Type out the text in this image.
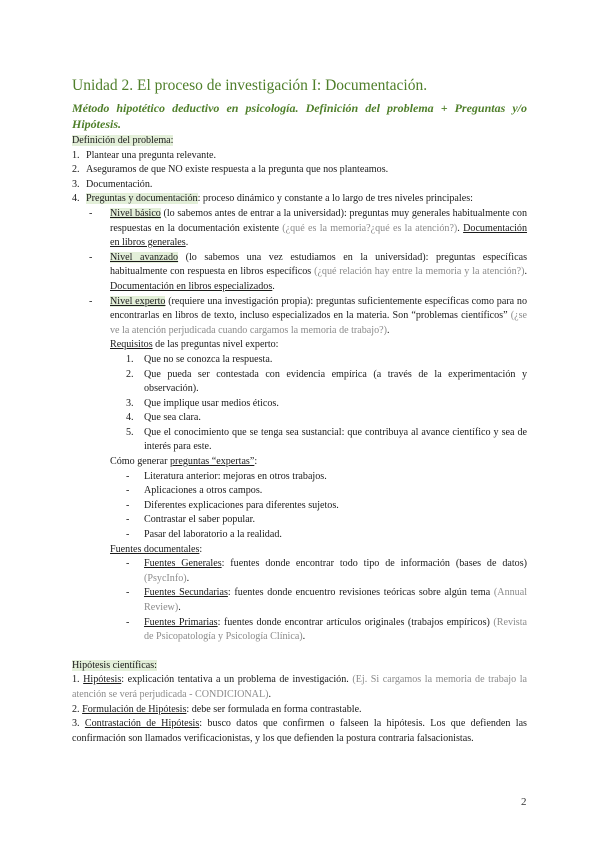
Unidad 2. El proceso de investigación I: Documentación.
Método hipotético deductivo en psicología. Definición del problema + Preguntas y/o Hipótesis.

Definición del problema:

1. Plantear una pregunta relevante.

2. Aseguramos de que NO existe respuesta a la pregunta que nos planteamos.

3. Documentación.

4. Preguntas y documentación: proceso dinámico y constante a lo largo de tres niveles principales:

- Nivel básico (lo sabemos antes de entrar a la universidad): preguntas muy generales habitualmente con respuestas en la documentación existente (¿qué es la memoria?¿qué es la atención?). Documentación en libros generales.

- Nivel avanzado (lo sabemos una vez estudiamos en la universidad): preguntas específicas habitualmente con respuesta en libros específicos (¿qué relación hay entre la memoria y la atención?). Documentación en libros especializados.

- Nivel experto (requiere una investigación propia): preguntas suficientemente específicas como para no encontrarlas en libros de texto, incluso especializados en la materia. Son “problemas científicos” (¿se ve la atención perjudicada cuando cargamos la memoria de trabajo?).

Requisitos de las preguntas nivel experto:

1. Que no se conozca la respuesta.

2. Que pueda ser contestada con evidencia empírica (a través de la experimentación y observación).

3. Que implique usar medios éticos.

4. Que sea clara.

5. Que el conocimiento que se tenga sea sustancial: que contribuya al avance científico y sea de interés para este.

Cómo generar preguntas “expertas”:

- Literatura anterior: mejoras en otros trabajos.

- Aplicaciones a otros campos.

- Diferentes explicaciones para diferentes sujetos.

- Contrastar el saber popular.

- Pasar del laboratorio a la realidad.

Fuentes documentales:

- Fuentes Generales: fuentes donde encontrar todo tipo de información (bases de datos) (PsycInfo).

- Fuentes Secundarias: fuentes donde encuentro revisiones teóricas sobre algún tema (Annual Review).

- Fuentes Primarias: fuentes donde encontrar artículos originales (trabajos empíricos) (Revista de Psicopatología y Psicología Clínica).

Hipótesis científicas:

1. Hipótesis: explicación tentativa a un problema de investigación. (Ej. Si cargamos la memoria de trabajo la atención se verá perjudicada - CONDICIONAL).

2. Formulación de Hipótesis: debe ser formulada en forma contrastable.

3. Contrastación de Hipótesis: busco datos que confirmen o falseen la hipótesis. Los que defienden las confirmación son llamados verificacionistas, y los que defienden la postura contraria falsacionistas.

2
